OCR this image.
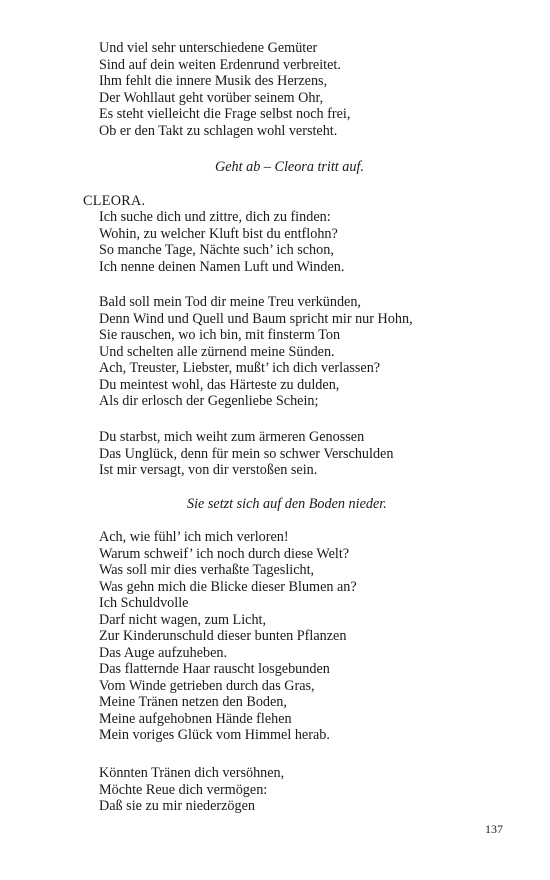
Und viel sehr unterschiedene Gemüter
Sind auf dein weiten Erdenrund verbreitet.
Ihm fehlt die innere Musik des Herzens,
Der Wohllaut geht vorüber seinem Ohr,
Es steht vielleicht die Frage selbst noch frei,
Ob er den Takt zu schlagen wohl versteht.
Geht ab – Cleora tritt auf.
CLEORA.
Ich suche dich und zittre, dich zu finden:
Wohin, zu welcher Kluft bist du entflohn?
So manche Tage, Nächte such’ ich schon,
Ich nenne deinen Namen Luft und Winden.
Bald soll mein Tod dir meine Treu verkünden,
Denn Wind und Quell und Baum spricht mir nur Hohn,
Sie rauschen, wo ich bin, mit finsterm Ton
Und schelten alle zürnend meine Sünden.
Ach, Treuster, Liebster, mußt’ ich dich verlassen?
Du meintest wohl, das Härteste zu dulden,
Als dir erlosch der Gegenliebe Schein;
Du starbst, mich weiht zum ärmeren Genossen
Das Unglück, denn für mein so schwer Verschulden
Ist mir versagt, von dir verstoßen sein.
Sie setzt sich auf den Boden nieder.
Ach, wie fühl’ ich mich verloren!
Warum schweif’ ich noch durch diese Welt?
Was soll mir dies verhaßte Tageslicht,
Was gehn mich die Blicke dieser Blumen an?
Ich Schuldvolle
Darf nicht wagen, zum Licht,
Zur Kinderunschuld dieser bunten Pflanzen
Das Auge aufzuheben.
Das flatternde Haar rauscht losgebunden
Vom Winde getrieben durch das Gras,
Meine Tränen netzen den Boden,
Meine aufgehobnen Hände flehen
Mein voriges Glück vom Himmel herab.
Könnten Tränen dich versöhnen,
Möchte Reue dich vermögen:
Daß sie zu mir niederzögen
137
